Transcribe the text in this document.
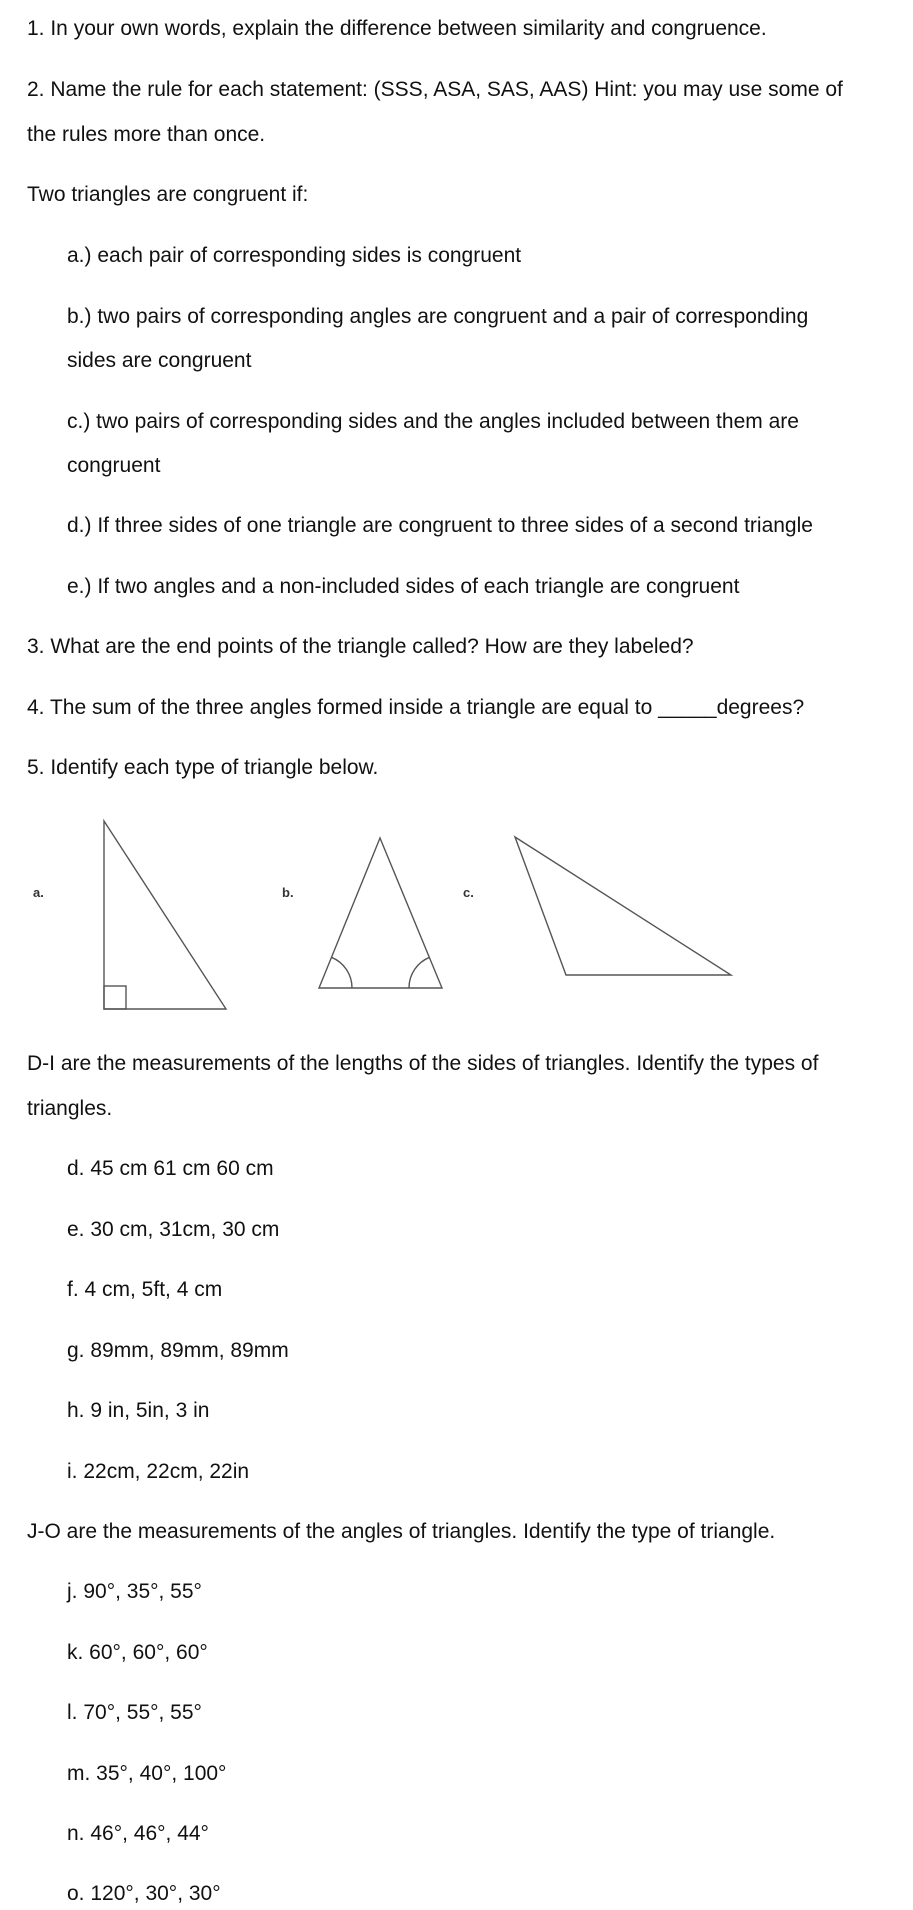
1. In your own words, explain the difference between similarity and congruence.

2. Name the rule for each statement: (SSS, ASA, SAS, AAS) Hint: you may use some of

the rules more than once.

Two triangles are congruent if:

a.) each pair of corresponding sides is congruent

b.) two pairs of corresponding angles are congruent and a pair of corresponding

sides are congruent

c.) two pairs of corresponding sides and the angles included between them are

congruent

d.) If three sides of one triangle are congruent to three sides of a second triangle

e.) If two angles and a non-included sides of each triangle are congruent

3. What are the end points of the triangle called? How are they labeled?

4. The sum of the three angles formed inside a triangle are equal to _____degrees?

5. Identify each type of triangle below.

a.	b.	c.

D-I are the measurements of the lengths of the sides of triangles. Identify the types of

triangles.

d. 45 cm 61 cm 60 cm

e. 30 cm, 31cm, 30 cm

f. 4 cm, 5ft, 4 cm

g. 89mm, 89mm, 89mm

h. 9 in, 5in, 3 in

i. 22cm, 22cm, 22in

J-O are the measurements of the angles of triangles. Identify the type of triangle.

j. 90°, 35°, 55°

k. 60°, 60°, 60°

l. 70°, 55°, 55°

m. 35°, 40°, 100°

n. 46°, 46°, 44°

o. 120°, 30°, 30°
